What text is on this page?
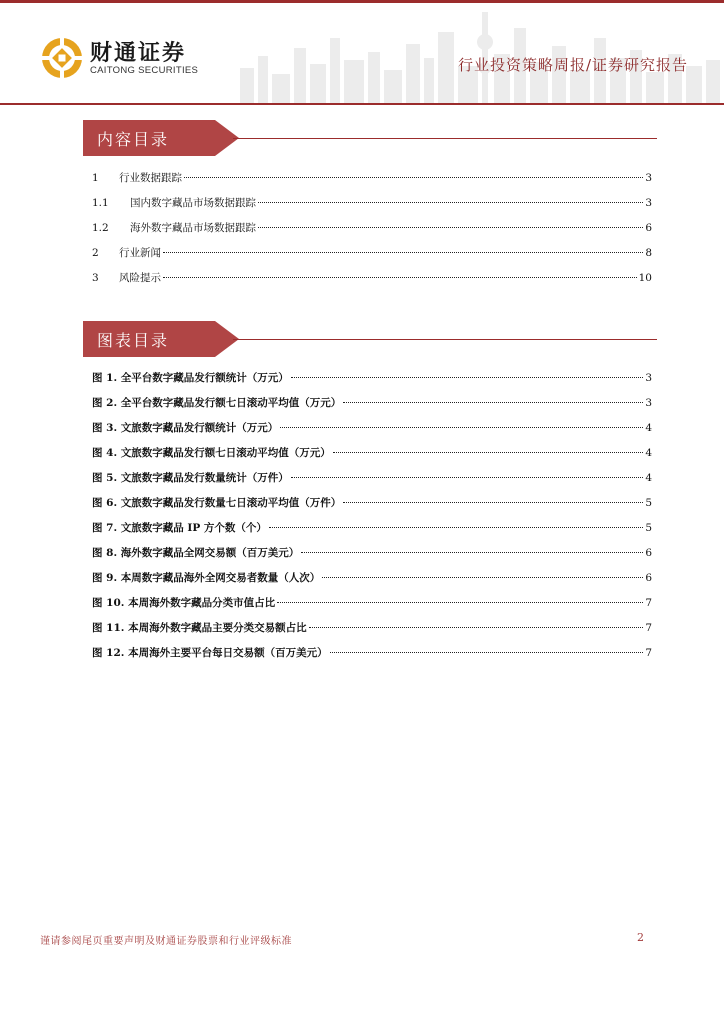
财通证券
CAITONG SECURITIES	行业投资策略周报/证券研究报告
内容目录
1	行业数据跟踪	3
1.1	国内数字藏品市场数据跟踪	3
1.2	海外数字藏品市场数据跟踪	6
2	行业新闻	8
3	风险提示	10
图表目录
图 1. 全平台数字藏品发行额统计（万元）	3
图 2. 全平台数字藏品发行额七日滚动平均值（万元）	3
图 3. 文旅数字藏品发行额统计（万元）	4
图 4. 文旅数字藏品发行额七日滚动平均值（万元）	4
图 5. 文旅数字藏品发行数量统计（万件）	4
图 6. 文旅数字藏品发行数量七日滚动平均值（万件）	5
图 7. 文旅数字藏品 IP 方个数（个）	5
图 8. 海外数字藏品全网交易额（百万美元）	6
图 9. 本周数字藏品海外全网交易者数量（人次）	6
图 10. 本周海外数字藏品分类市值占比	7
图 11. 本周海外数字藏品主要分类交易额占比	7
图 12. 本周海外主要平台每日交易额（百万美元）	7
谨请参阅尾页重要声明及财通证券股票和行业评级标准	2
